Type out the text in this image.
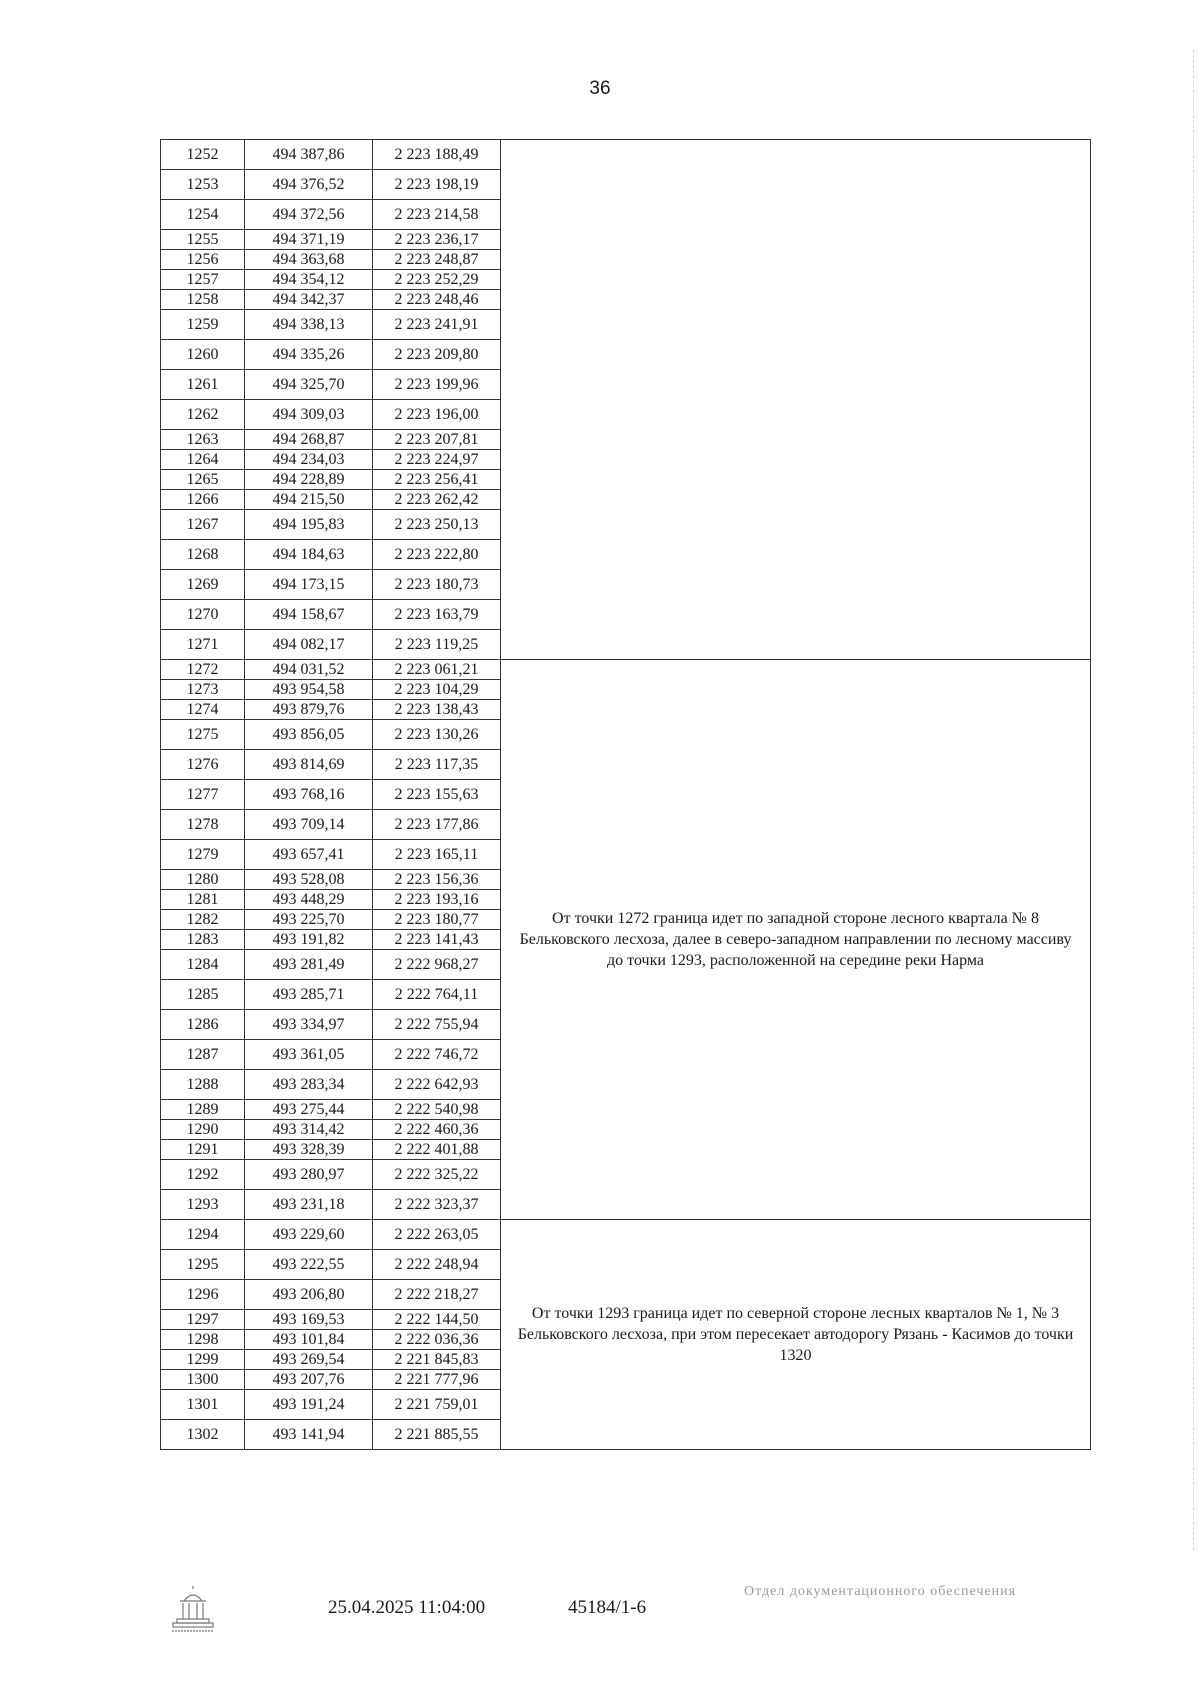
36
1252	494 387,86	2 223 188,49	
1253	494 376,52	2 223 198,19	
1254	494 372,56	2 223 214,58	
1255	494 371,19	2 223 236,17	
1256	494 363,68	2 223 248,87	
1257	494 354,12	2 223 252,29	
1258	494 342,37	2 223 248,46	
1259	494 338,13	2 223 241,91	
1260	494 335,26	2 223 209,80	
1261	494 325,70	2 223 199,96	
1262	494 309,03	2 223 196,00	
1263	494 268,87	2 223 207,81	
1264	494 234,03	2 223 224,97	
1265	494 228,89	2 223 256,41	
1266	494 215,50	2 223 262,42	
1267	494 195,83	2 223 250,13	
1268	494 184,63	2 223 222,80	
1269	494 173,15	2 223 180,73	
1270	494 158,67	2 223 163,79	
1271	494 082,17	2 223 119,25	
1272	494 031,52	2 223 061,21	От точки 1272 граница идет по западной стороне лесного квартала № 8 Бельковского лесхоза, далее в северо-западном направлении по лесному массиву до точки 1293, расположенной на середине реки Нарма
1273	493 954,58	2 223 104,29	
1274	493 879,76	2 223 138,43	
1275	493 856,05	2 223 130,26	
1276	493 814,69	2 223 117,35	
1277	493 768,16	2 223 155,63	
1278	493 709,14	2 223 177,86	
1279	493 657,41	2 223 165,11	
1280	493 528,08	2 223 156,36	
1281	493 448,29	2 223 193,16	
1282	493 225,70	2 223 180,77	
1283	493 191,82	2 223 141,43	
1284	493 281,49	2 222 968,27	
1285	493 285,71	2 222 764,11	
1286	493 334,97	2 222 755,94	
1287	493 361,05	2 222 746,72	
1288	493 283,34	2 222 642,93	
1289	493 275,44	2 222 540,98	
1290	493 314,42	2 222 460,36	
1291	493 328,39	2 222 401,88	
1292	493 280,97	2 222 325,22	
1293	493 231,18	2 222 323,37	
1294	493 229,60	2 222 263,05	От точки 1293 граница идет по северной стороне лесных кварталов № 1, № 3 Бельковского лесхоза, при этом пересекает автодорогу Рязань - Касимов до точки 1320
1295	493 222,55	2 222 248,94	
1296	493 206,80	2 222 218,27	
1297	493 169,53	2 222 144,50	
1298	493 101,84	2 222 036,36	
1299	493 269,54	2 221 845,83	
1300	493 207,76	2 221 777,96	
1301	493 191,24	2 221 759,01	
1302	493 141,94	2 221 885,55	
25.04.2025 11:04:00	45184/1-6
Отдел документационного обеспечения
